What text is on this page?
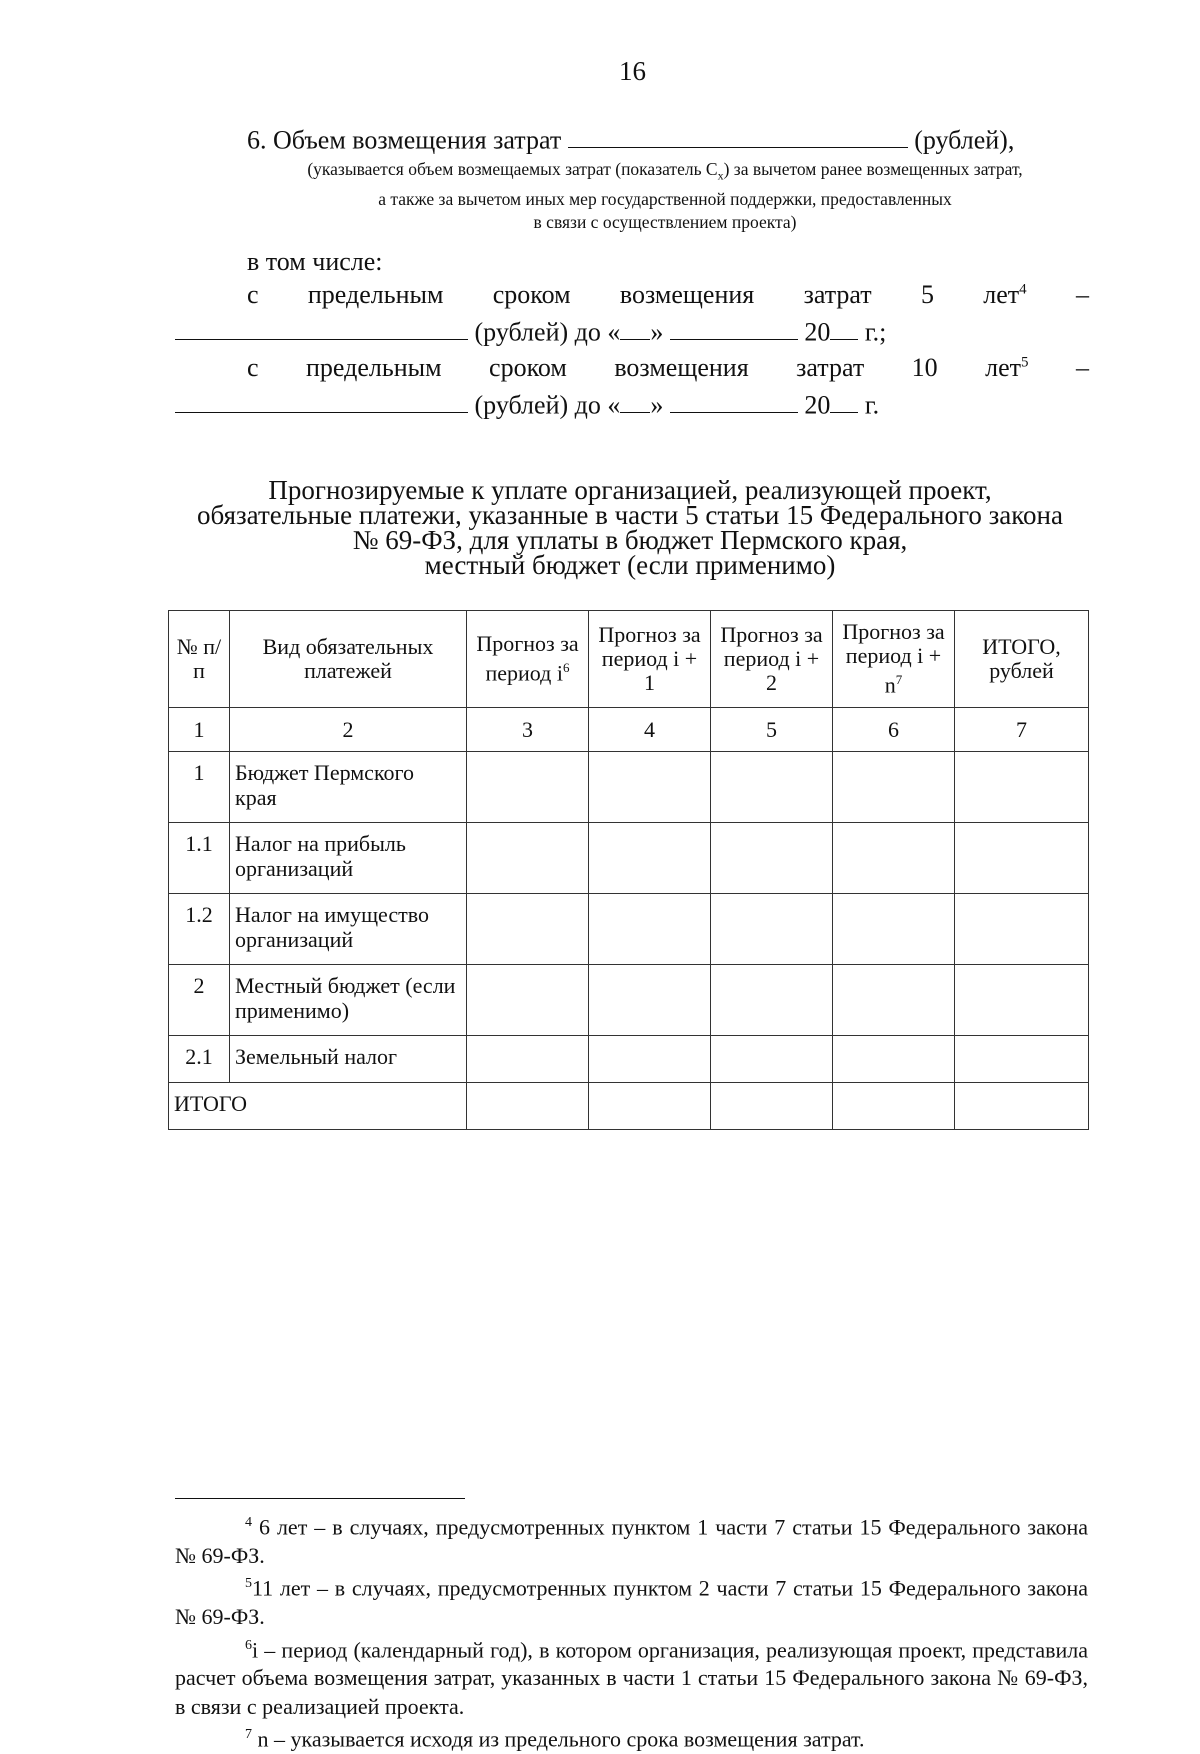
16
6. Объем возмещения затрат	(рублей),
(указывается объем возмещаемых затрат (показатель $С_х$) за вычетом ранее возмещенных затрат,
а также за вычетом иных мер государственной поддержки, предоставленных
в связи с осуществлением проекта)
в том числе:
с предельным сроком возмещения затрат 5 лет$^4$ –
(рублей) до « »	20 г.;
с предельным сроком возмещения затрат 10 лет$^5$ –
(рублей) до « »	20 г.
Прогнозируемые к уплате организацией, реализующей проект,
обязательные платежи, указанные в части 5 статьи 15 Федерального закона
№ 69-ФЗ, для уплаты в бюджет Пермского края,
местный бюджет (если применимо)
№ п/п	Вид обязательных платежей	Прогноз за период $i^6$	Прогноз за период i + 1	Прогноз за период i + 2	Прогноз за период $i + n^7$	ИТОГО, рублей
1	2	3	4	5	6	7
1	Бюджет Пермского края					
1.1	Налог на прибыль организаций					
1.2	Налог на имущество организаций					
2	Местный бюджет (если применимо)					
2.1	Земельный налог					
ИТОГО						

$^4$ 6 лет – в случаях, предусмотренных пунктом 1 части 7 статьи 15 Федерального закона № 69-ФЗ.

$^5$11 лет – в случаях, предусмотренных пунктом 2 части 7 статьи 15 Федерального закона № 69-ФЗ.

$^6$i – период (календарный год), в котором организация, реализующая проект, представила расчет объема возмещения затрат, указанных в части 1 статьи 15 Федерального закона № 69-ФЗ, в связи с реализацией проекта.

$^7$ n – указывается исходя из предельного срока возмещения затрат.
